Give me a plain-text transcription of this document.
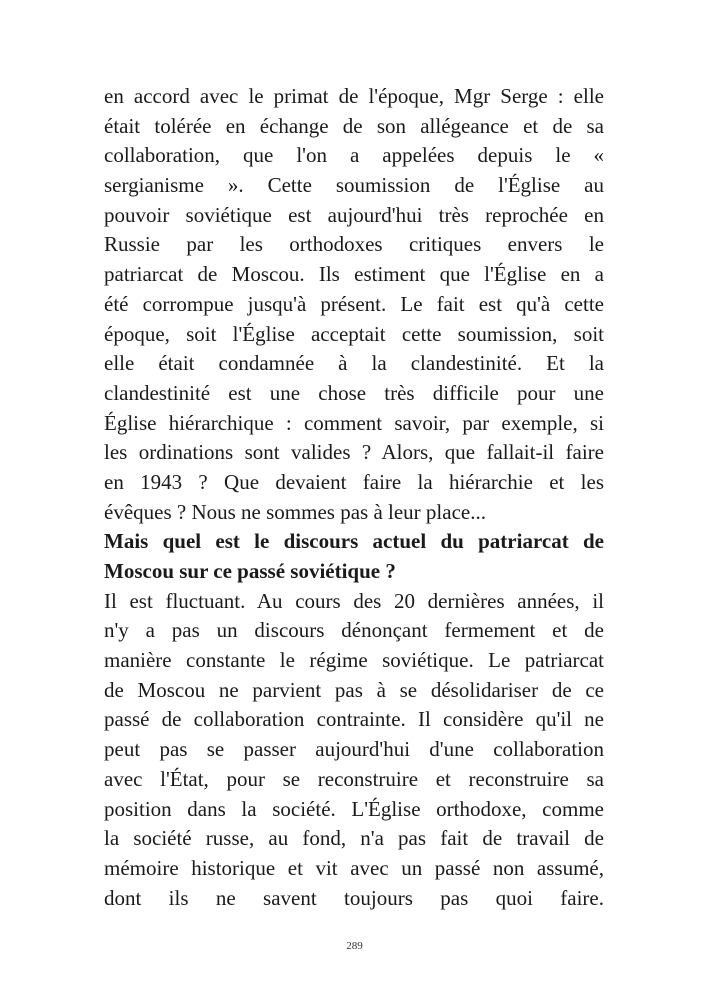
en accord avec le primat de l'époque, Mgr Serge : elle
était tolérée en échange de son allégeance et de sa
collaboration, que l'on a appelées depuis le «
sergianisme ». Cette soumission de l'Église au
pouvoir soviétique est aujourd'hui très reprochée en
Russie par les orthodoxes critiques envers le
patriarcat de Moscou. Ils estiment que l'Église en a
été corrompue jusqu'à présent. Le fait est qu'à cette
époque, soit l'Église acceptait cette soumission, soit
elle était condamnée à la clandestinité. Et la
clandestinité est une chose très difficile pour une
Église hiérarchique : comment savoir, par exemple, si
les ordinations sont valides ? Alors, que fallait-il faire
en 1943 ? Que devaient faire la hiérarchie et les
évêques ? Nous ne sommes pas à leur place...
Mais quel est le discours actuel du patriarcat de
Moscou sur ce passé soviétique ?
Il est fluctuant. Au cours des 20 dernières années, il
n'y a pas un discours dénonçant fermement et de
manière constante le régime soviétique. Le patriarcat
de Moscou ne parvient pas à se désolidariser de ce
passé de collaboration contrainte. Il considère qu'il ne
peut pas se passer aujourd'hui d'une collaboration
avec l'État, pour se reconstruire et reconstruire sa
position dans la société. L'Église orthodoxe, comme
la société russe, au fond, n'a pas fait de travail de
mémoire historique et vit avec un passé non assumé,
dont ils ne savent toujours pas quoi faire.
289
